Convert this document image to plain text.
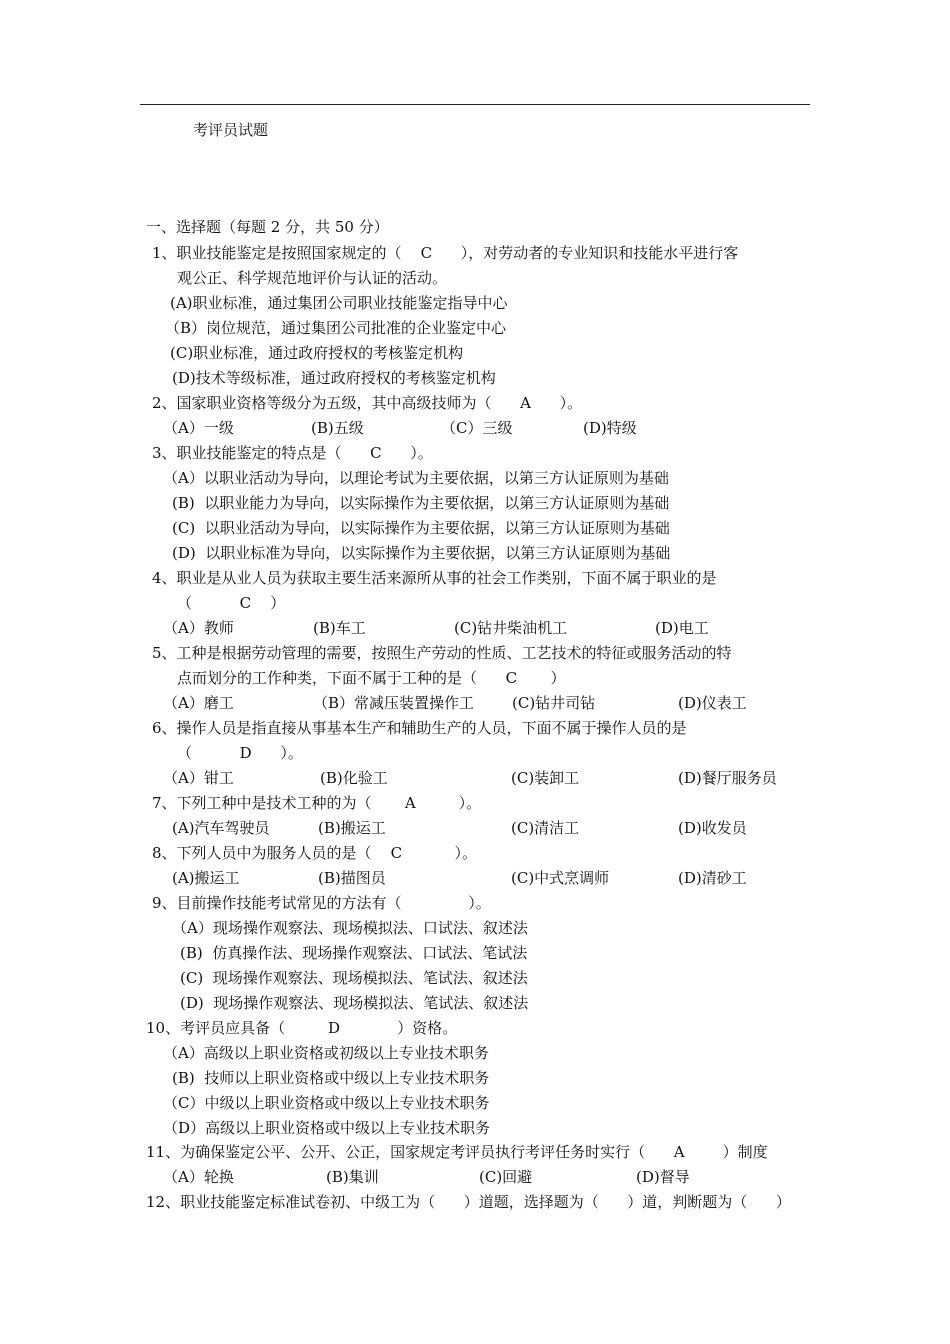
考评员试题
一、选择题（每题 2 分，共 50 分）
1、职业技能鉴定是按照国家规定的（    C      ），对劳动者的专业知识和技能水平进行客
观公正、科学规范地评价与认证的活动。
(A)职业标准，通过集团公司职业技能鉴定指导中心
（B）岗位规范，通过集团公司批准的企业鉴定中心
(C)职业标准，通过政府授权的考核鉴定机构
(D)技术等级标准，通过政府授权的考核鉴定机构
2、国家职业资格等级分为五级，其中高级技师为（      A      ）。
（A）一级	(B)五级	（C）三级	(D)特级
3、职业技能鉴定的特点是（      C      ）。
（A）以职业活动为导向，以理论考试为主要依据，以第三方认证原则为基础
(B)  以职业能力为导向，以实际操作为主要依据，以第三方认证原则为基础
(C)  以职业活动为导向，以实际操作为主要依据，以第三方认证原则为基础
(D)  以职业标准为导向，以实际操作为主要依据，以第三方认证原则为基础
4、职业是从业人员为获取主要生活来源所从事的社会工作类别，下面不属于职业的是
（          C    ）
（A）教师	(B)车工	(C)钻井柴油机工	(D)电工
5、工种是根据劳动管理的需要，按照生产劳动的性质、工艺技术的特征或服务活动的特
点而划分的工作种类，下面不属于工种的是（      C       ）
（A）磨工	（B）常减压装置操作工	(C)钻井司钻	(D)仪表工
6、操作人员是指直接从事基本生产和辅助生产的人员，下面不属于操作人员的是
（          D      ）。
（A）钳工	(B)化验工	(C)装卸工	(D)餐厅服务员
7、下列工种中是技术工种的为（       A         ）。
(A)汽车驾驶员	(B)搬运工	(C)清洁工	(D)收发员
8、下列人员中为服务人员的是（    C           ）。
(A)搬运工	(B)描图员	(C)中式烹调师	(D)清砂工
9、目前操作技能考试常见的方法有（              ）。
（A）现场操作观察法、现场模拟法、口试法、叙述法
(B)  仿真操作法、现场操作观察法、口试法、笔试法
(C)  现场操作观察法、现场模拟法、笔试法、叙述法
(D)  现场操作观察法、现场模拟法、笔试法、叙述法
10、考评员应具备（         D            ）资格。
（A）高级以上职业资格或初级以上专业技术职务
(B)  技师以上职业资格或中级以上专业技术职务
（C）中级以上职业资格或中级以上专业技术职务
（D）高级以上职业资格或中级以上专业技术职务
11、为确保鉴定公平、公开、公正，国家规定考评员执行考评任务时实行（      A        ）制度
（A）轮换	(B)集训	(C)回避	(D)督导
12、职业技能鉴定标准试卷初、中级工为（      ）道题，选择题为（      ）道，判断题为（      ）
